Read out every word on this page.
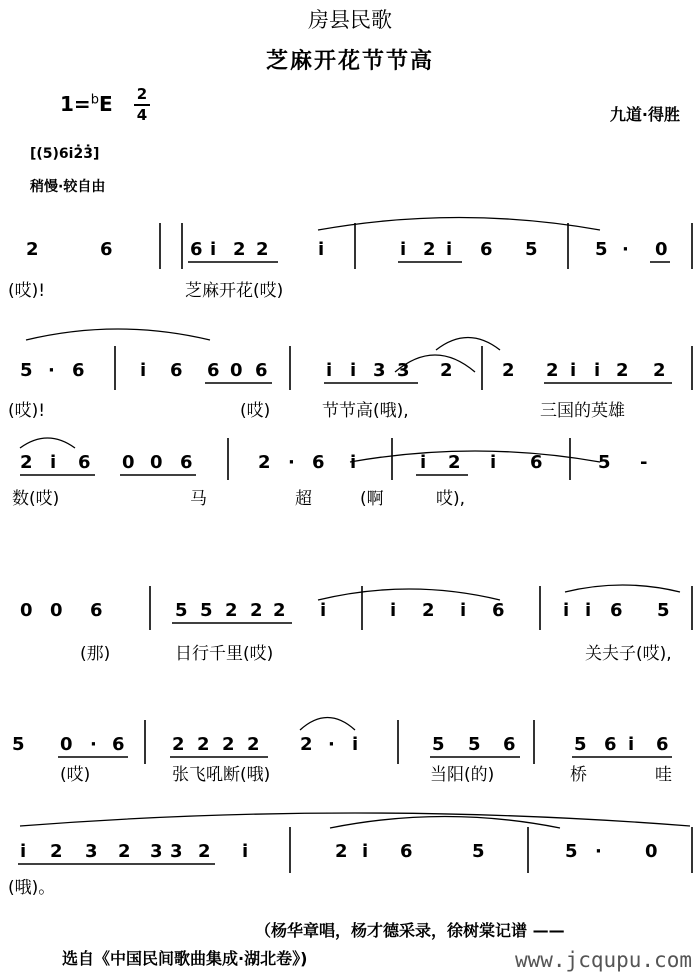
房县民歌
芝麻开花节节高
1=$^b$E 2
4	九道·得胜
[(5)6i2̇3̇]
稍慢·较自由
2	6	6 i 2 2	i	i 2 i 6 5	5 · 0
(哎)!	芝麻开花(哎)
5 · 6	i 6 6 0 6	i i 3 3 2	2 2 i i 2 2
(哎)!	(哎)	节节高(哦),	三国的英雄
2 i 6 0 0 6	2 · 6 i	i 2 i 6	5 -
数(哎)	马	超	(啊	哎),
0 0 6	5 5 2 2 2 i	i 2 i 6	i i 6 5
(那)	日行千里(哎)	关夫子(哎),
5 0 · 6	2 2 2 2 2 · i	5 5 6	5 6 i 6
(哎)	张飞吼断(哦)	当阳(的)	桥	哇
i 2 3 2 3 3 2 i	2 i 6	5	5 · 0
(哦)。
（杨华章唱，杨才德采录，徐树棠记谱 ——
选自《中国民间歌曲集成·湖北卷》)	www.jcqupu.com
